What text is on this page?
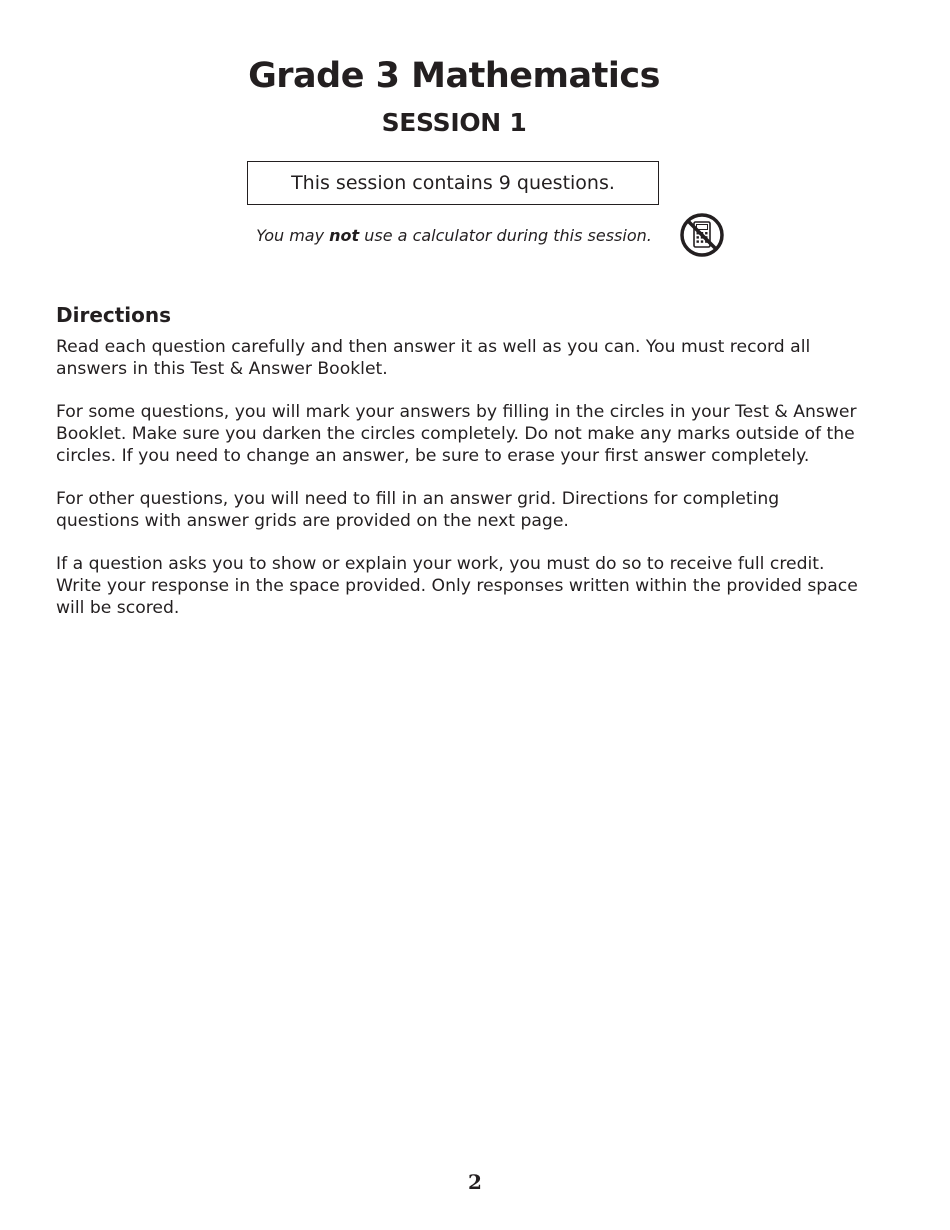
Grade 3 Mathematics
SESSION 1
This session contains 9 questions.
You may not use a calculator during this session.
Directions

Read each question carefully and then answer it as well as you can. You must record all answers in this Test & Answer Booklet.

For some questions, you will mark your answers by filling in the circles in your Test & Answer Booklet. Make sure you darken the circles completely. Do not make any marks outside of the circles. If you need to change an answer, be sure to erase your first answer completely.

For other questions, you will need to fill in an answer grid. Directions for completing questions with answer grids are provided on the next page.

If a question asks you to show or explain your work, you must do so to receive full credit. Write your response in the space provided. Only responses written within the provided space will be scored.

2
